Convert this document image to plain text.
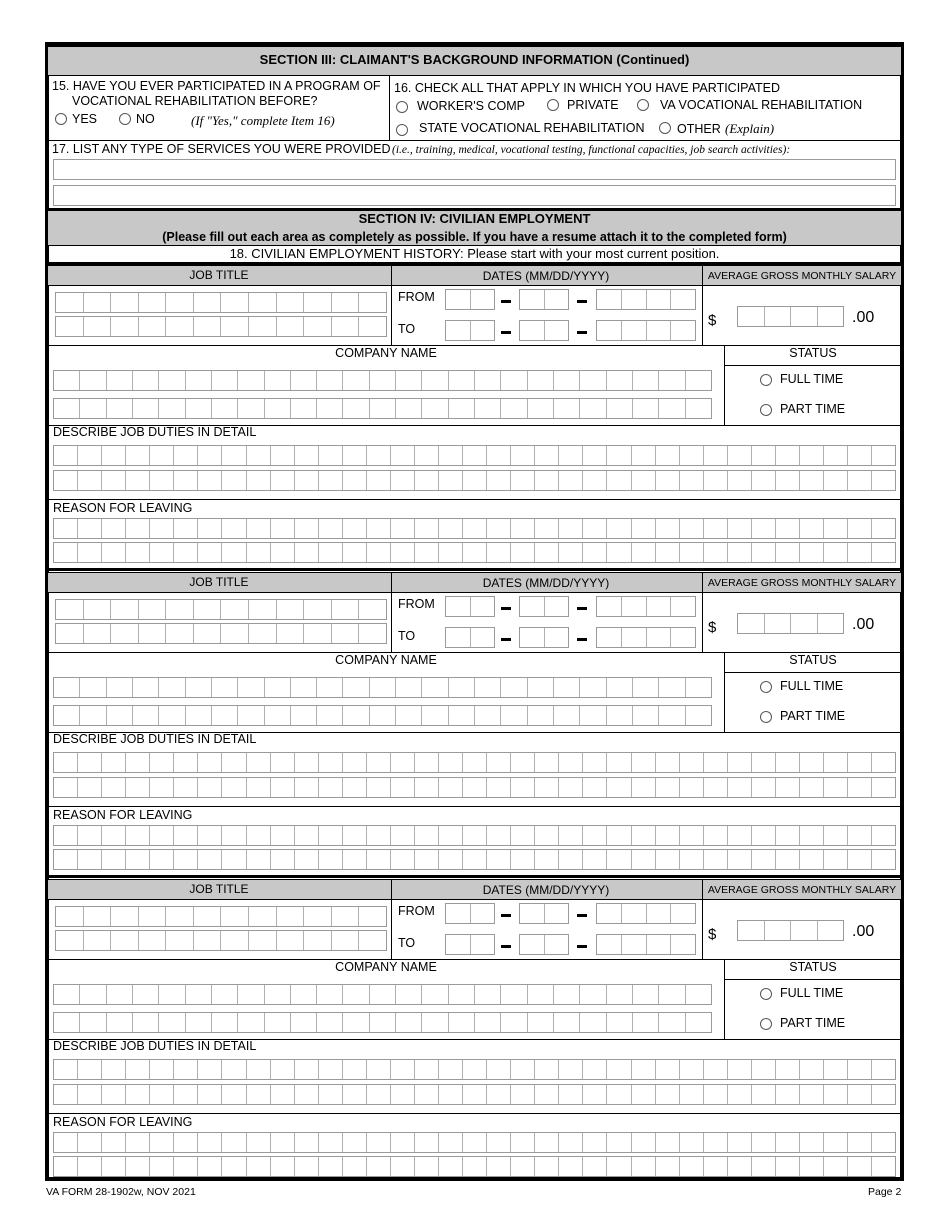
SECTION III: CLAIMANT'S BACKGROUND INFORMATION (Continued)
15. HAVE YOU EVER PARTICIPATED IN A PROGRAM OF
VOCATIONAL REHABILITATION BEFORE?
YES	NO	(If "Yes," complete Item 16)
16. CHECK ALL THAT APPLY IN WHICH YOU HAVE PARTICIPATED
WORKER'S COMP	PRIVATE	VA VOCATIONAL REHABILITATION
STATE VOCATIONAL REHABILITATION	OTHER (Explain)
17. LIST ANY TYPE OF SERVICES YOU WERE PROVIDED (i.e., training, medical, vocational testing, functional capacities, job search activities):
SECTION IV: CIVILIAN EMPLOYMENT
(Please fill out each area as completely as possible. If you have a resume attach it to the completed form)
18. CIVILIAN EMPLOYMENT HISTORY: Please start with your most current position.
JOB TITLE	DATES (MM/DD/YYYY)	AVERAGE GROSS MONTHLY SALARY
FROM
TO	$	.00
COMPANY NAME	STATUS
FULL TIME
PART TIME
DESCRIBE JOB DUTIES IN DETAIL
REASON FOR LEAVING
JOB TITLE	DATES (MM/DD/YYYY)	AVERAGE GROSS MONTHLY SALARY
FROM
TO	$	.00
COMPANY NAME	STATUS
FULL TIME
PART TIME
DESCRIBE JOB DUTIES IN DETAIL
REASON FOR LEAVING
JOB TITLE	DATES (MM/DD/YYYY)	AVERAGE GROSS MONTHLY SALARY
FROM
TO	$	.00
COMPANY NAME	STATUS
FULL TIME
PART TIME
DESCRIBE JOB DUTIES IN DETAIL
REASON FOR LEAVING
VA FORM 28-1902w, NOV 2021	Page 2
